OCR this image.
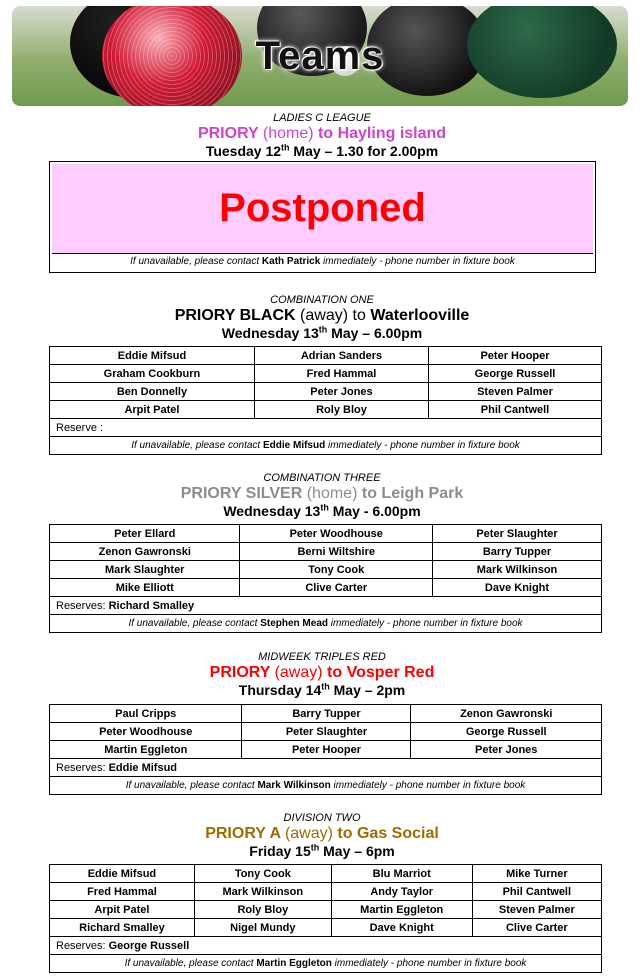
Teams
LADIES C LEAGUE
PRIORY (home) to Hayling island
Tuesday 12th May – 1.30 for 2.00pm
Postponed
If unavailable, please contact Kath Patrick immediately - phone number in fixture book
COMBINATION ONE
PRIORY BLACK (away) to Waterlooville
Wednesday 13th May – 6.00pm
Eddie Mifsud	Adrian Sanders	Peter Hooper
Graham Cookburn	Fred Hammal	George Russell
Ben Donnelly	Peter Jones	Steven Palmer
Arpit Patel	Roly Bloy	Phil Cantwell
Reserve :		
If unavailable, please contact Eddie Mifsud immediately - phone number in fixture book		
COMBINATION THREE
PRIORY SILVER (home) to Leigh Park
Wednesday 13th May - 6.00pm
Peter Ellard	Peter Woodhouse	Peter Slaughter
Zenon Gawronski	Berni Wiltshire	Barry Tupper
Mark Slaughter	Tony Cook	Mark Wilkinson
Mike Elliott	Clive Carter	Dave Knight
Reserves: Richard Smalley		
If unavailable, please contact Stephen Mead immediately - phone number in fixture book		
MIDWEEK TRIPLES RED
PRIORY (away) to Vosper Red
Thursday 14th May – 2pm
Paul Cripps	Barry Tupper	Zenon Gawronski
Peter Woodhouse	Peter Slaughter	George Russell
Martin Eggleton	Peter Hooper	Peter Jones
Reserves: Eddie Mifsud		
If unavailable, please contact Mark Wilkinson immediately - phone number in fixture book		
DIVISION TWO
PRIORY A (away) to Gas Social
Friday 15th May – 6pm
Eddie Mifsud	Tony Cook	Blu Marriot	Mike Turner
Fred Hammal	Mark Wilkinson	Andy Taylor	Phil Cantwell
Arpit Patel	Roly Bloy	Martin Eggleton	Steven Palmer
Richard Smalley	Nigel Mundy	Dave Knight	Clive Carter
Reserves: George Russell			
If unavailable, please contact Martin Eggleton immediately - phone number in fixture book			
